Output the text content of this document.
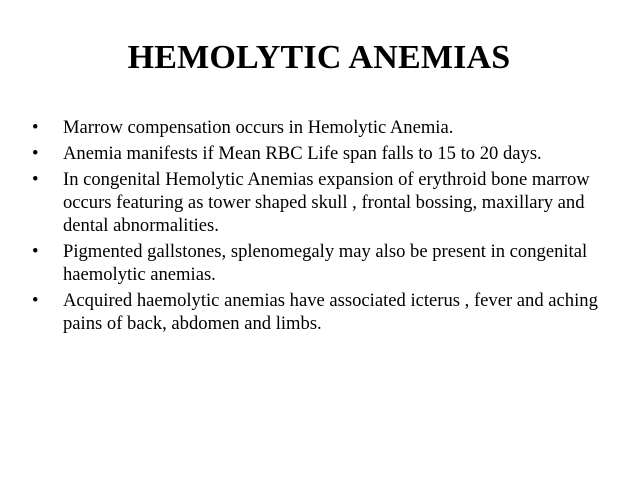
HEMOLYTIC ANEMIAS
•	Marrow compensation occurs in Hemolytic Anemia.
•	Anemia manifests if Mean RBC Life span falls to 15 to 20 days.
•	In congenital Hemolytic Anemias expansion of erythroid bone marrow occurs featuring as tower shaped skull , frontal bossing, maxillary and dental abnormalities.
•	Pigmented gallstones, splenomegaly may also be present in congenital haemolytic anemias.
•	Acquired haemolytic anemias have associated icterus , fever and aching pains of back, abdomen and limbs.
